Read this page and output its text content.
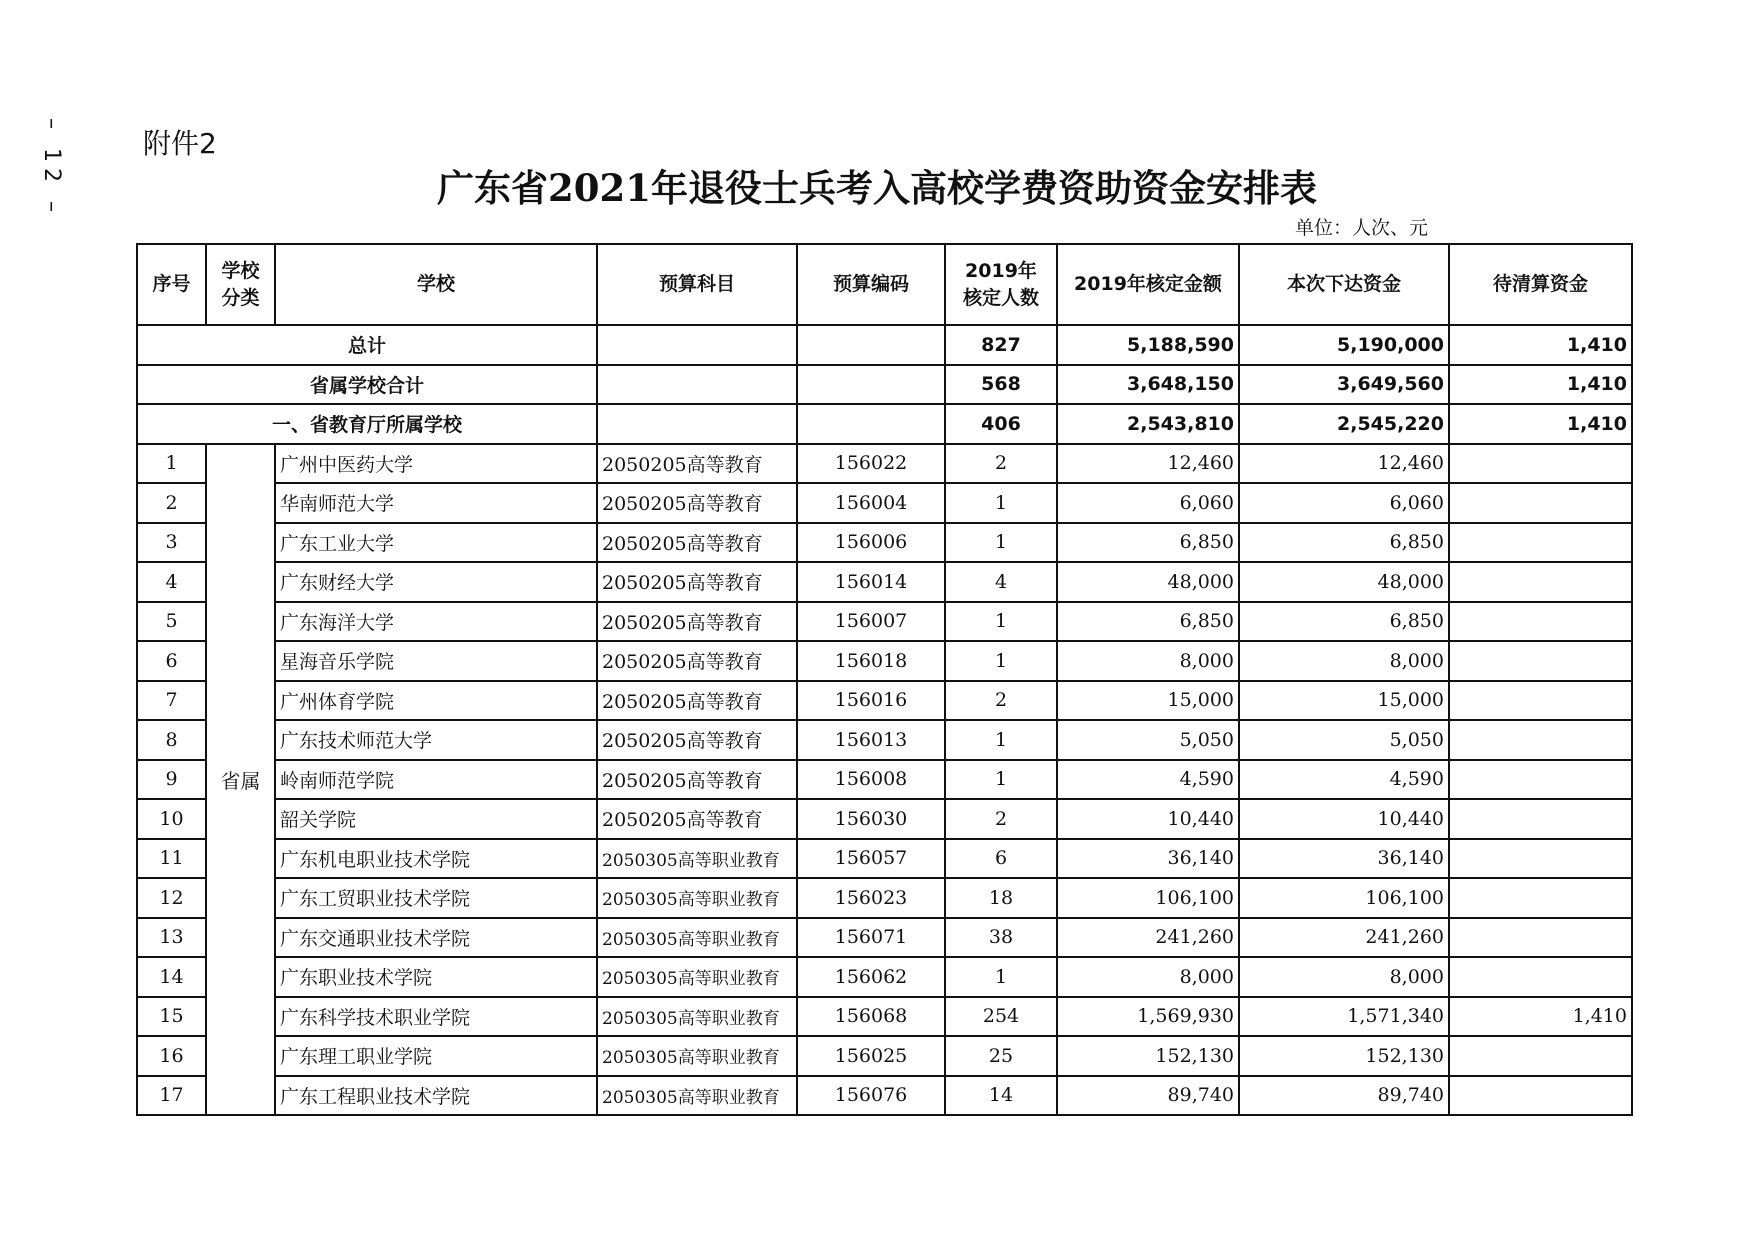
– 12 –	附件2
广东省2021年退役士兵考入高校学费资助资金安排表
单位：人次、元
序号	学校分类	学校	预算科目	预算编码	2019年核定人数	2019年核定金额	本次下达资金	待清算资金
总计					827	5,188,590	5,190,000	1,410
省属学校合计					568	3,648,150	3,649,560	1,410
一、省教育厅所属学校					406	2,543,810	2,545,220	1,410
1	省属	广州中医药大学	2050205高等教育	156022	2	12,460	12,460	
2		华南师范大学	2050205高等教育	156004	1	6,060	6,060	
3		广东工业大学	2050205高等教育	156006	1	6,850	6,850	
4		广东财经大学	2050205高等教育	156014	4	48,000	48,000	
5		广东海洋大学	2050205高等教育	156007	1	6,850	6,850	
6		星海音乐学院	2050205高等教育	156018	1	8,000	8,000	
7		广州体育学院	2050205高等教育	156016	2	15,000	15,000	
8		广东技术师范大学	2050205高等教育	156013	1	5,050	5,050	
9		岭南师范学院	2050205高等教育	156008	1	4,590	4,590	
10		韶关学院	2050205高等教育	156030	2	10,440	10,440	
11		广东机电职业技术学院	2050305高等职业教育	156057	6	36,140	36,140	
12		广东工贸职业技术学院	2050305高等职业教育	156023	18	106,100	106,100	
13		广东交通职业技术学院	2050305高等职业教育	156071	38	241,260	241,260	
14		广东职业技术学院	2050305高等职业教育	156062	1	8,000	8,000	
15		广东科学技术职业学院	2050305高等职业教育	156068	254	1,569,930	1,571,340	1,410
16		广东理工职业学院	2050305高等职业教育	156025	25	152,130	152,130	
17		广东工程职业技术学院	2050305高等职业教育	156076	14	89,740	89,740	
